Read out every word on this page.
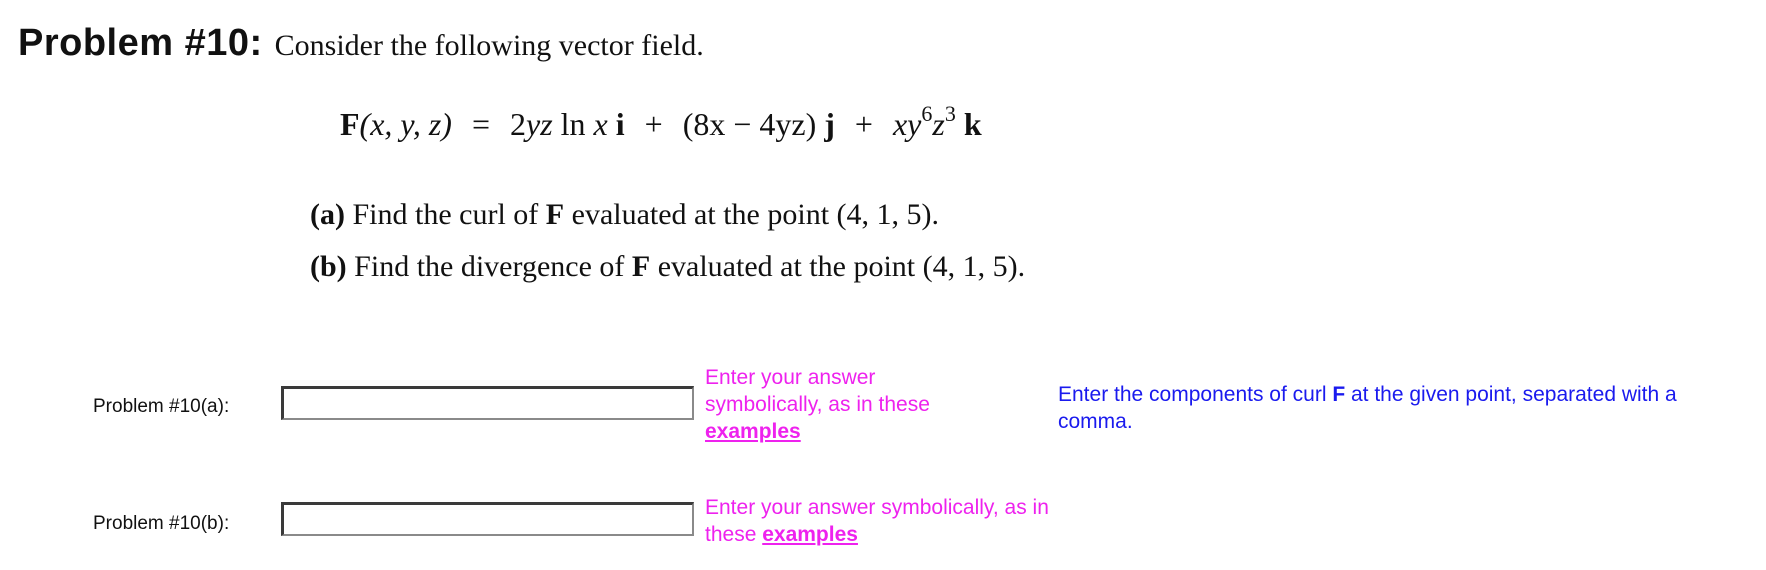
Problem #10: Consider the following vector field.
F(x, y, z) = 2yz ln x i + (8x − 4yz) $j + xy^6z^3$ k
(a) Find the curl of F evaluated at the point (4, 1, 5).
(b) Find the divergence of F evaluated at the point (4, 1, 5).
Problem #10(a):
Enter your answer symbolically, as in these examples
Enter the components of curl F at the given point, separated with a comma.
Problem #10(b):
Enter your answer symbolically, as in these examples
